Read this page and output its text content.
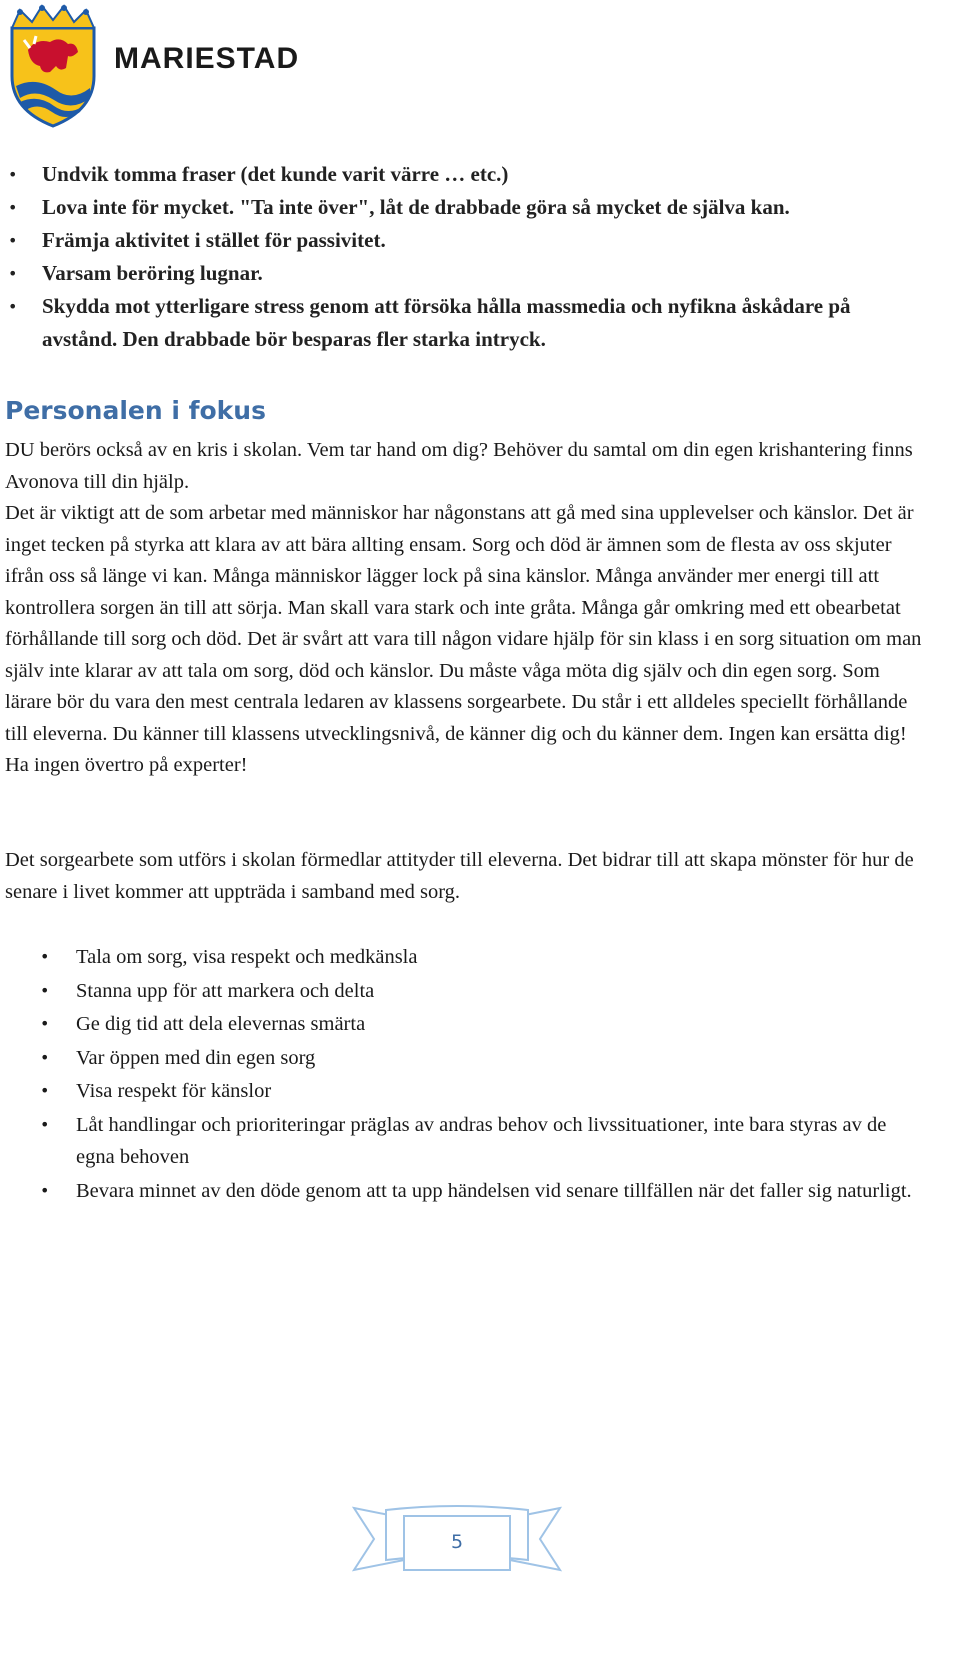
MARIESTAD
• Undvik tomma fraser (det kunde varit värre … etc.)
• Lova inte för mycket. "Ta inte över", låt de drabbade göra så mycket de själva kan.
• Främja aktivitet i stället för passivitet.
• Varsam beröring lugnar.
• Skydda mot ytterligare stress genom att försöka hålla massmedia och nyfikna åskådare på avstånd. Den drabbade bör besparas fler starka intryck.
Personalen i fokus

DU berörs också av en kris i skolan. Vem tar hand om dig? Behöver du samtal om din egen krishantering finns Avonova till din hjälp.

Det är viktigt att de som arbetar med människor har någonstans att gå med sina upplevelser och känslor. Det är inget tecken på styrka att klara av att bära allting ensam. Sorg och död är ämnen som de flesta av oss skjuter ifrån oss så länge vi kan. Många människor lägger lock på sina känslor. Många använder mer energi till att kontrollera sorgen än till att sörja. Man skall vara stark och inte gråta. Många går omkring med ett obearbetat förhållande till sorg och död. Det är svårt att vara till någon vidare hjälp för sin klass i en sorg situation om man själv inte klarar av att tala om sorg, död och känslor. Du måste våga möta dig själv och din egen sorg. Som lärare bör du vara den mest centrala ledaren av klassens sorgearbete. Du står i ett alldeles speciellt förhållande till eleverna. Du känner till klassens utvecklingsnivå, de känner dig och du känner dem. Ingen kan ersätta dig! Ha ingen övertro på experter!

Det sorgearbete som utförs i skolan förmedlar attityder till eleverna. Det bidrar till att skapa mönster för hur de senare i livet kommer att uppträda i samband med sorg.

• Tala om sorg, visa respekt och medkänsla
• Stanna upp för att markera och delta
• Ge dig tid att dela elevernas smärta
• Var öppen med din egen sorg
• Visa respekt för känslor
• Låt handlingar och prioriteringar präglas av andras behov och livssituationer, inte bara styras av de egna behoven
• Bevara minnet av den döde genom att ta upp händelsen vid senare tillfällen när det faller sig naturligt.
5
